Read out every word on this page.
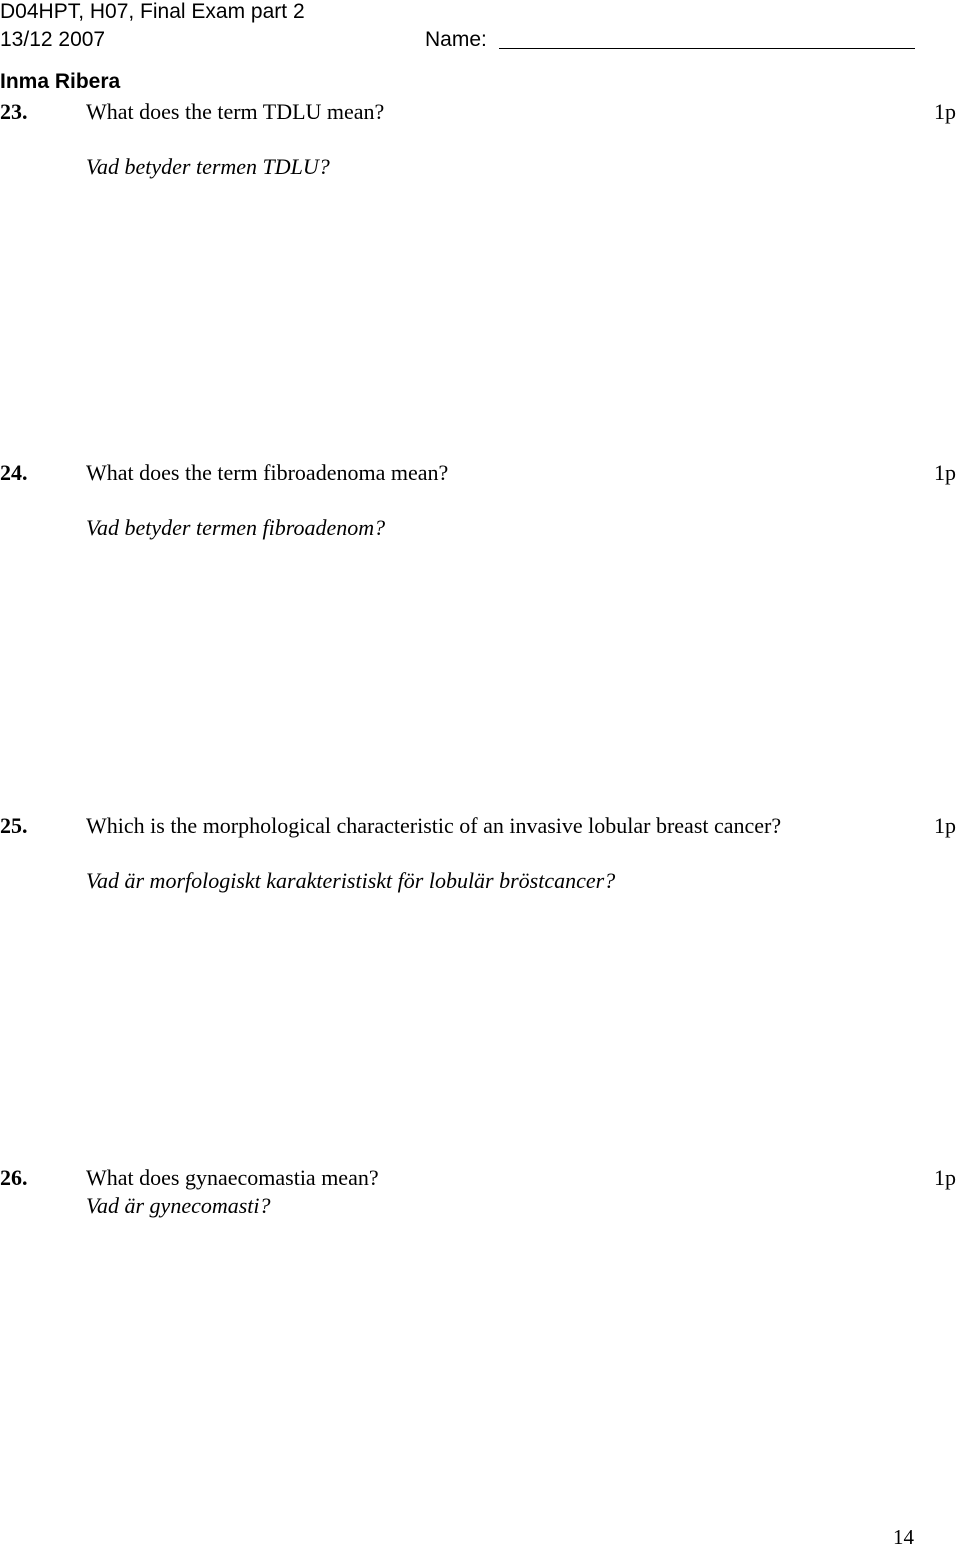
D04HPT, H07, Final Exam part 2
13/12 2007	Name:
Inma Ribera
23.	What does the term TDLU mean?	1p
Vad betyder termen TDLU?
24.	What does the term fibroadenoma mean?	1p
Vad betyder termen fibroadenom?
25.	Which is the morphological characteristic of an invasive lobular breast cancer?	1p
Vad är morfologiskt karakteristiskt för lobulär bröstcancer?
26.	What does gynaecomastia mean?	1p
Vad är gynecomasti?
14
